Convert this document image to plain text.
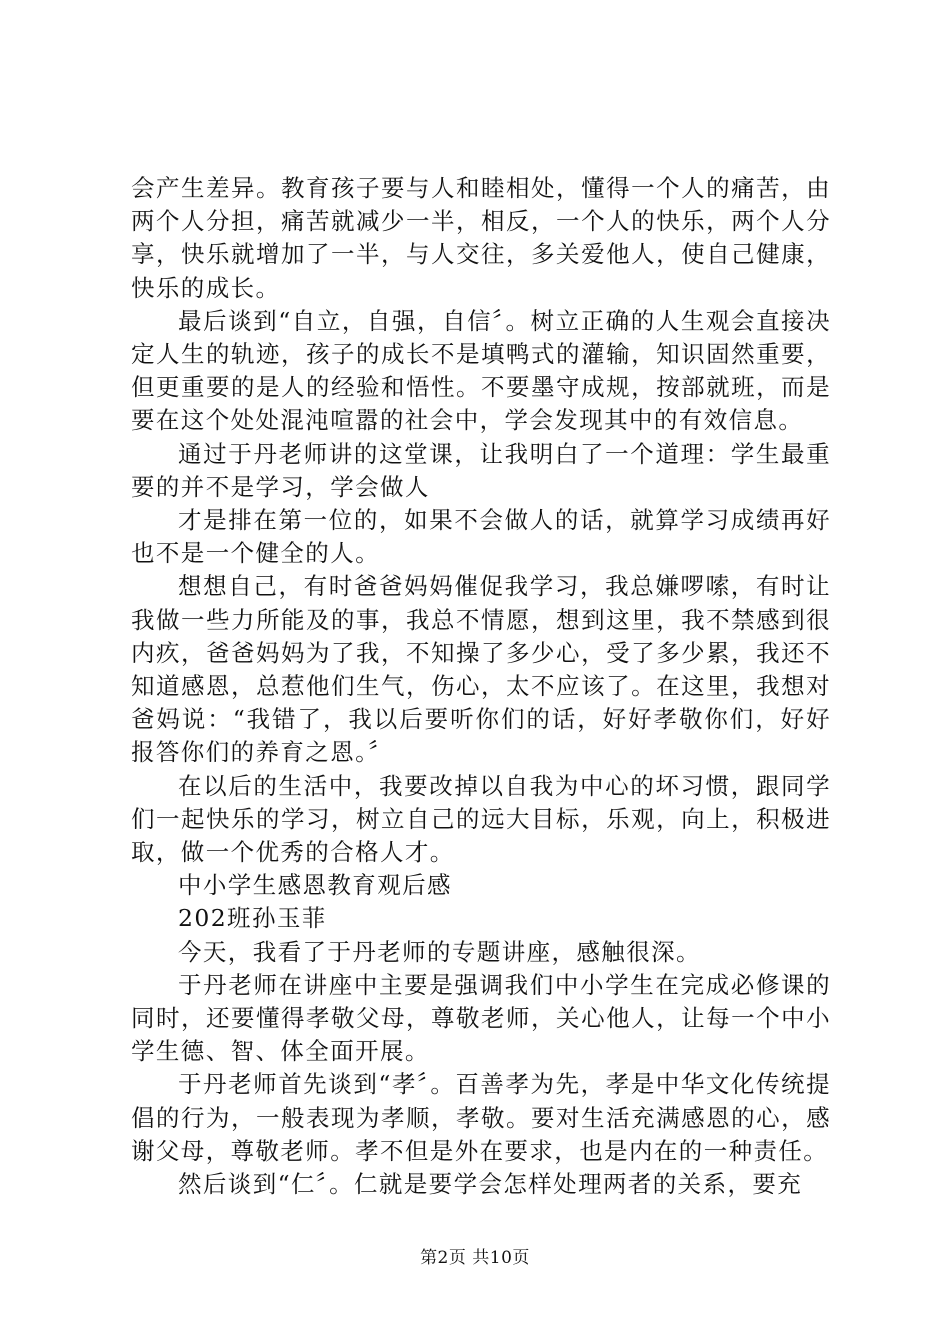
会产生差异。教育孩子要与人和睦相处，懂得一个人的痛苦，由两个人分担，痛苦就减少一半，相反，一个人的快乐，两个人分享，快乐就增加了一半，与人交往，多关爱他人，使自己健康，快乐的成长。

最后谈到“自立，自强，自信〞。树立正确的人生观会直接决定人生的轨迹，孩子的成长不是填鸭式的灌输，知识固然重要，但更重要的是人的经验和悟性。不要墨守成规，按部就班，而是要在这个处处混沌喧嚣的社会中，学会发现其中的有效信息。

通过于丹老师讲的这堂课，让我明白了一个道理：学生最重要的并不是学习，学会做人

才是排在第一位的，如果不会做人的话，就算学习成绩再好也不是一个健全的人。

想想自己，有时爸爸妈妈催促我学习，我总嫌啰嗦，有时让我做一些力所能及的事，我总不情愿，想到这里，我不禁感到很内疚，爸爸妈妈为了我，不知操了多少心，受了多少累，我还不知道感恩，总惹他们生气，伤心，太不应该了。在这里，我想对爸妈说：“我错了，我以后要听你们的话，好好孝敬你们，好好报答你们的养育之恩。〞

在以后的生活中，我要改掉以自我为中心的坏习惯，跟同学们一起快乐的学习，树立自己的远大目标，乐观，向上，积极进取，做一个优秀的合格人才。

中小学生感恩教育观后感

202班孙玉菲

今天，我看了于丹老师的专题讲座，感触很深。

于丹老师在讲座中主要是强调我们中小学生在完成必修课的同时，还要懂得孝敬父母，尊敬老师，关心他人，让每一个中小学生德、智、体全面开展。

于丹老师首先谈到“孝〞。百善孝为先，孝是中华文化传统提倡的行为，一般表现为孝顺，孝敬。要对生活充满感恩的心，感谢父母，尊敬老师。孝不但是外在要求，也是内在的一种责任。

然后谈到“仁〞。仁就是要学会怎样处理两者的关系，要充

第2页 共10页
